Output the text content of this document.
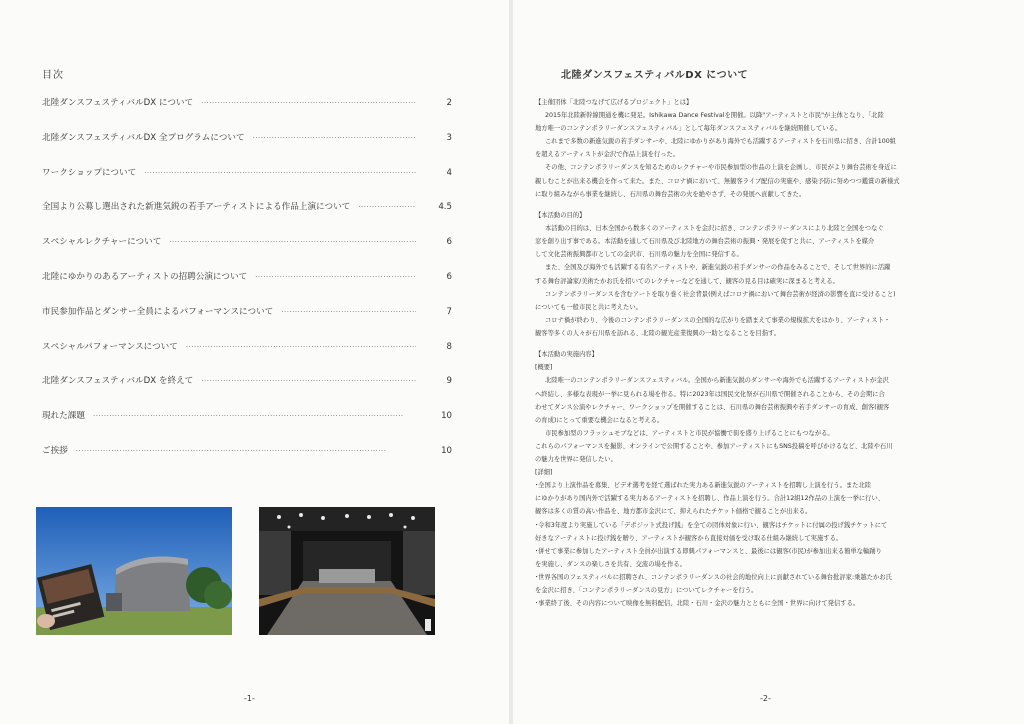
目次
北陸ダンスフェスティバルDX について ·····	2
北陸ダンスフェスティバルDX 全プログラムについて ·····	3
ワークショップについて ·····	4
全国より公募し選出された新進気鋭の若手アーティストによる作品上演について ·····	4.5
スペシャルレクチャーについて ·····	6
北陸にゆかりのあるアーティストの招聘公演について ·····	6
市民参加作品とダンサー全員によるパフォーマンスについて ·····	7
スペシャルパフォーマンスについて ·····	8
北陸ダンスフェスティバルDX を終えて ·····	9
現れた課題 ·····	10
ご挨拶 ·····	10
-1-
北陸ダンスフェスティバルDX について
【主催団体「北陸つなげて広げるプロジェクト」とは】
2015年北陸新幹線開通を機に発足。Ishikawa Dance Festivalを開催。以降"アーティストと市民"が主体となり、「北陸
地方唯一のコンテンポラリーダンスフェスティバル」として毎年ダンスフェスティバルを継続開催している。
これまで多数の新進気鋭の若手ダンサーや、北陸にゆかりがあり海外でも活躍するアーティストを石川県に招き、合計100組
を超えるアーティストが金沢で作品上演を行った。
その他、コンテンポラリーダンスを知るためのレクチャーや市民参加型の作品の上演を企画し、市民がより舞台芸術を身近に
親しむことが出来る機会を作って来た。また、コロナ禍において、無観客ライブ配信の実施や、感染予防に努めつつ鑑賞の新様式
に取り組みながら事業を継続し、石川県の舞台芸術の火を絶やさず、その発展へ貢献してきた。
【本活動の目的】
本活動の目的は、日本全国から数多くのアーティストを金沢に招き、コンテンポラリーダンスにより北陸と全国をつなぐ
窓を創り出す事である。本活動を通して石川県及び北陸地方の舞台芸術の振興・発展を促すと共に、アーティストを媒介
して文化芸術振興都市としての金沢市、石川県の魅力を全国に発信する。
また、全国及び海外でも活躍する有名アーティストや、新進気鋭の若手ダンサーの作品をみることで、そして世界的に活躍
する舞台評論家/美術たかお氏を招いてのレクチャーなどを通して、観客の見る目は確実に深まると考える。
コンテンポラリーダンスを含むアートを取り巻く社会背景(例えばコロナ禍において舞台芸術が経済の影響を直に受けること)
についても一般市民と共に考えたい。
コロナ禍が終わり、今後のコンテンポラリーダンスの全国的な広がりを踏まえて事業の規模拡大をはかり、アーティスト・
観客等多くの人々が石川県を訪れる、北陸の観光産業復興の一助となることを目指す。
【本活動の実施内容】
[概要]
北陸唯一のコンテンポラリーダンスフェスティバル。全国から新進気鋭のダンサーや海外でも活躍するアーティストが金沢
へ終結し、多様な表現が一挙に見られる場を作る。特に2023年は国民文化祭が石川県で開催されることから、その会期に合
わせてダンス公演やレクチャー、ワークショップを開催することは、石川県の舞台芸術振興や若手ダンサーの育成、創客(観客
の育成)にとって重要な機会になると考える。
市民参加型のフラッシュモブなどは、アーティストと市民が協働で街を盛り上げることにもつながる。
これらのパフォーマンスを撮影、オンラインで公開することや、参加アーティストにもSNS投稿を呼びかけるなど、北陸や石川
の魅力を世界に発信したい。
[詳細]
･全国より上演作品を募集、ビデオ選考を経て選ばれた実力ある新進気鋭のアーティストを招聘し上演を行う。また北陸
にゆかりがあり国内外で活躍する実力あるアーティストを招聘し、作品上演を行う。合計12組12作品の上演を一挙に行い、
観客は多くの質の高い作品を、地方都市金沢にて、抑えられたチケット価格で観ることが出来る。
･令和3年度より実施している「デポジット式投げ銭」を全ての団体対象に行い、観客はチケットに付属の投げ銭チケットにて
好きなアーティストに投げ銭を贈り、アーティストが観客から直接対価を受け取る仕組み継続して実施する。
･併せて事業に参加したアーティスト全員が出演する即興パフォーマンスと、最後には観客(市民)が参加出来る簡単な輪踊り
を実施し、ダンスの楽しさを共有、交流の場を作る。
･世界各国のフェスティバルに招聘され、コンテンポラリーダンスの社会的地位向上に貢献されている舞台批評家:乗越たかお氏
を金沢に招き、「コンテンポラリーダンスの見方」についてレクチャーを行う。
･事業終了後、その内容について映像を無料配信、北陸・石川・金沢の魅力とともに全国・世界に向けて発信する。
-2-
